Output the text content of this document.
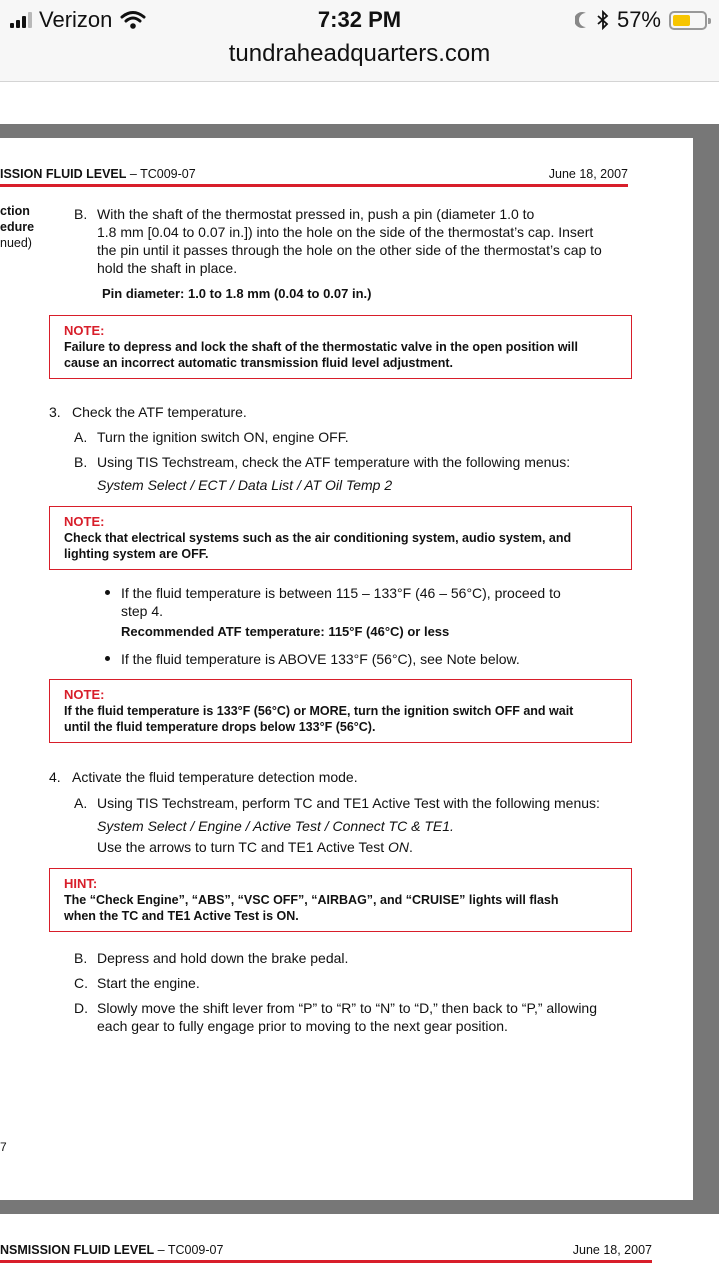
Verizon	7:32 PM	57%
tundraheadquarters.com
ISSION FLUID LEVEL – TC009-07	June 18, 2007
ction
edure
nued)
B. With the shaft of the thermostat pressed in, push a pin (diameter 1.0 to
1.8 mm [0.04 to 0.07 in.]) into the hole on the side of the thermostat’s cap. Insert
the pin until it passes through the hole on the other side of the thermostat’s cap to
hold the shaft in place.
Pin diameter: 1.0 to 1.8 mm (0.04 to 0.07 in.)
NOTE:
Failure to depress and lock the shaft of the thermostatic valve in the open position will
cause an incorrect automatic transmission fluid level adjustment.
3. Check the ATF temperature.
A. Turn the ignition switch ON, engine OFF.
B. Using TIS Techstream, check the ATF temperature with the following menus:
System Select / ECT / Data List / AT Oil Temp 2
NOTE:
Check that electrical systems such as the air conditioning system, audio system, and
lighting system are OFF.
If the fluid temperature is between 115 – 133°F (46 – 56°C), proceed to
step 4.
Recommended ATF temperature: 115°F (46°C) or less
If the fluid temperature is ABOVE 133°F (56°C), see Note below.
NOTE:
If the fluid temperature is 133°F (56°C) or MORE, turn the ignition switch OFF and wait
until the fluid temperature drops below 133°F (56°C).
4. Activate the fluid temperature detection mode.
A. Using TIS Techstream, perform TC and TE1 Active Test with the following menus:
System Select / Engine / Active Test / Connect TC & TE1.
Use the arrows to turn TC and TE1 Active Test ON.
HINT:
The “Check Engine”, “ABS”, “VSC OFF”, “AIRBAG”, and “CRUISE” lights will flash
when the TC and TE1 Active Test is ON.
B. Depress and hold down the brake pedal.
C. Start the engine.
D. Slowly move the shift lever from “P” to “R” to “N” to “D,” then back to “P,” allowing
each gear to fully engage prior to moving to the next gear position.
7
NSMISSION FLUID LEVEL – TC009-07	June 18, 2007
